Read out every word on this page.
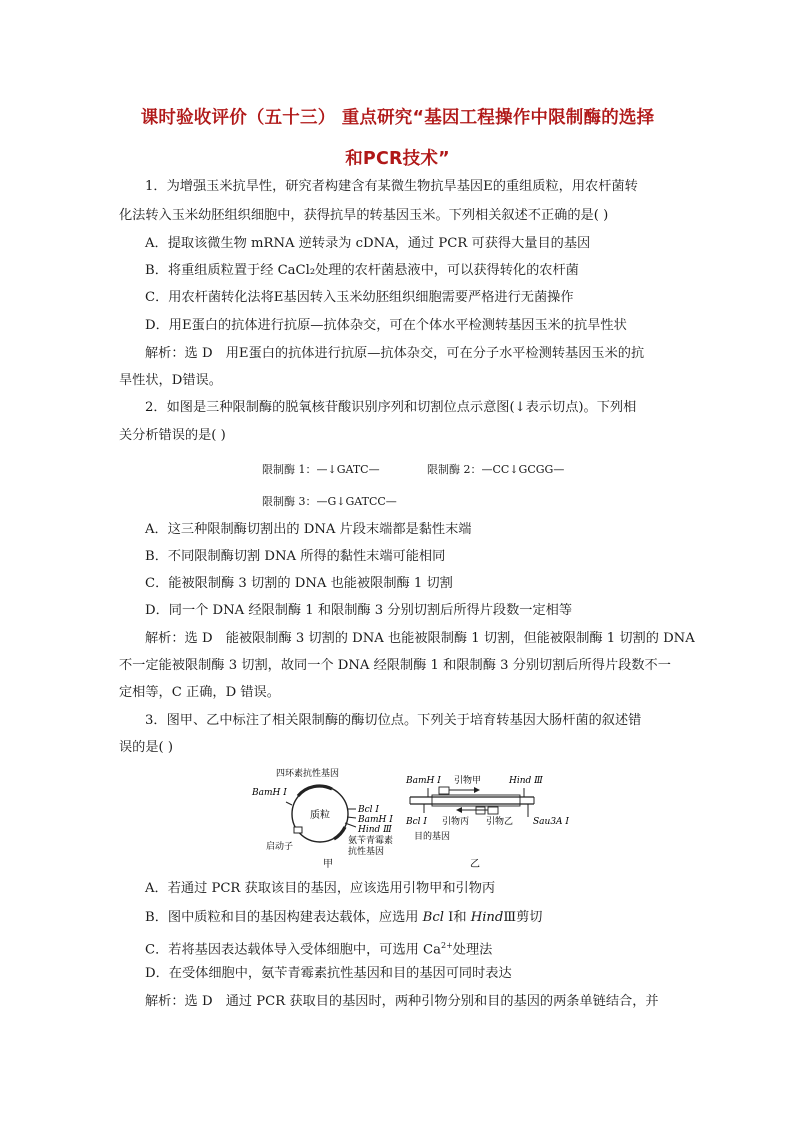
课时验收评价（五十三） 重点研究“基因工程操作中限制酶的选择
和PCR技术”
1．为增强玉米抗旱性，研究者构建含有某微生物抗旱基因E的重组质粒，用农杆菌转
化法转入玉米幼胚组织细胞中，获得抗旱的转基因玉米。下列相关叙述不正确的是( )
A．提取该微生物 mRNA 逆转录为 cDNA，通过 PCR 可获得大量目的基因
B．将重组质粒置于经 CaCl₂处理的农杆菌悬液中，可以获得转化的农杆菌
C．用农杆菌转化法将E基因转入玉米幼胚组织细胞需要严格进行无菌操作
D．用E蛋白的抗体进行抗原—抗体杂交，可在个体水平检测转基因玉米的抗旱性状
解析：选 D　用E蛋白的抗体进行抗原—抗体杂交，可在分子水平检测转基因玉米的抗
旱性状，D错误。
2．如图是三种限制酶的脱氧核苷酸识别序列和切割位点示意图(↓表示切点)。下列相
关分析错误的是( )
限制酶 1：—↓GATC—	限制酶 2：—CC↓GCGG—
限制酶 3：—G↓GATCC—
A．这三种限制酶切割出的 DNA 片段末端都是黏性末端
B．不同限制酶切割 DNA 所得的黏性末端可能相同
C．能被限制酶 3 切割的 DNA 也能被限制酶 1 切割
D．同一个 DNA 经限制酶 1 和限制酶 3 分别切割后所得片段数一定相等
解析：选 D　能被限制酶 3 切割的 DNA 也能被限制酶 1 切割，但能被限制酶 1 切割的 DNA
不一定能被限制酶 3 切割，故同一个 DNA 经限制酶 1 和限制酶 3 分别切割后所得片段数不一
定相等，C 正确，D 错误。
3．图甲、乙中标注了相关限制酶的酶切位点。下列关于培育转基因大肠杆菌的叙述错
误的是( )
四环素抗性基因
BamH Ⅰ
质粒	Bcl Ⅰ
BamH Ⅰ
Hind Ⅲ
氨苄青霉素
抗性基因
启动子
甲
BamH Ⅰ 引物甲	Hind Ⅲ
Bcl Ⅰ 引物丙 引物乙 Sau3A Ⅰ
目的基因
乙
A．若通过 PCR 获取该目的基因，应该选用引物甲和引物丙
B．图中质粒和目的基因构建表达载体，应选用 Bcl Ⅰ和 HindⅢ剪切
C．若将基因表达载体导入受体细胞中，可选用 $Ca^{2+}$处理法
D．在受体细胞中，氨苄青霉素抗性基因和目的基因可同时表达
解析：选 D　通过 PCR 获取目的基因时，两种引物分别和目的基因的两条单链结合，并
